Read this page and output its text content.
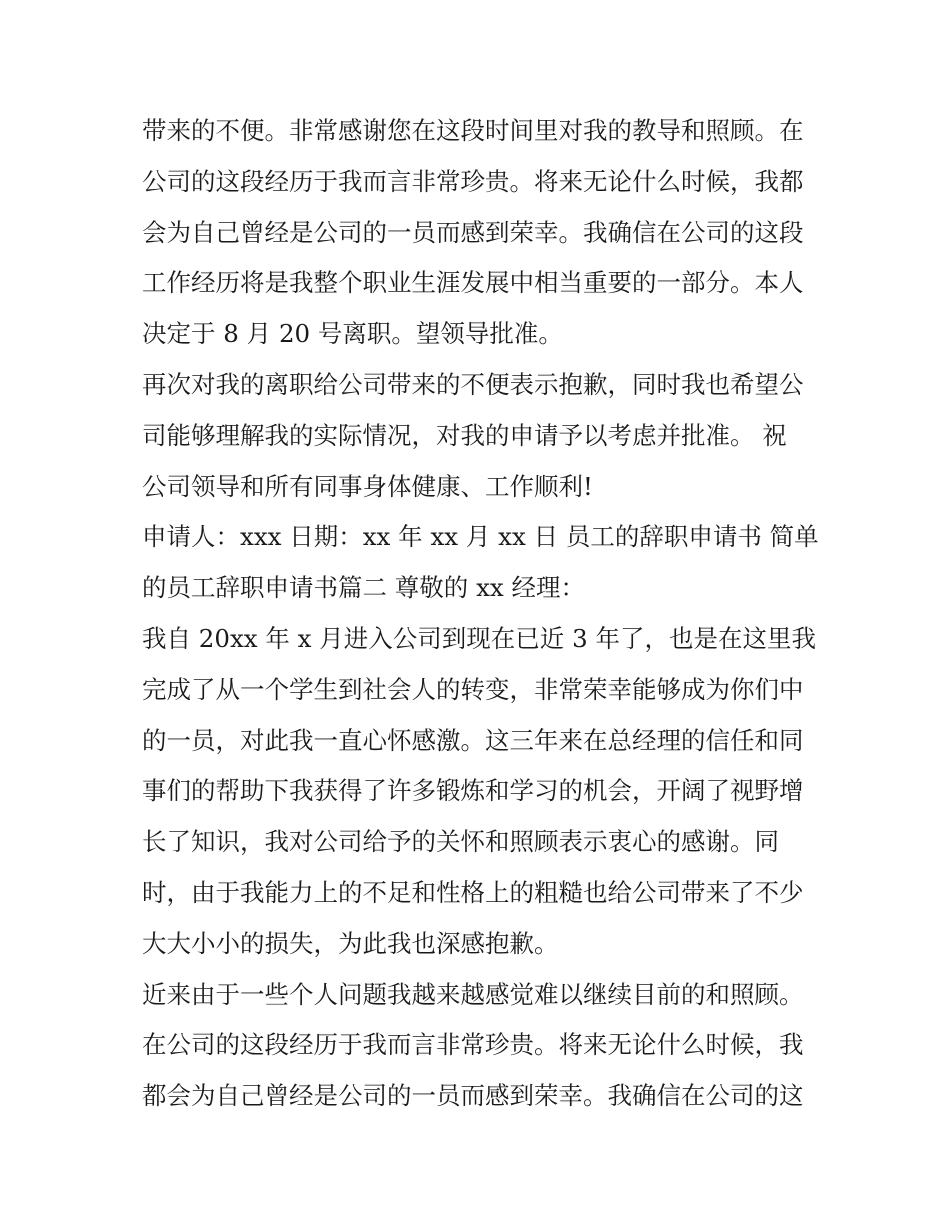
带来的不便。非常感谢您在这段时间里对我的教导和照顾。在
公司的这段经历于我而言非常珍贵。将来无论什么时候，我都
会为自己曾经是公司的一员而感到荣幸。我确信在公司的这段
工作经历将是我整个职业生涯发展中相当重要的一部分。本人
决定于 8 月 20 号离职。望领导批准。
再次对我的离职给公司带来的不便表示抱歉，同时我也希望公
司能够理解我的实际情况，对我的申请予以考虑并批准。 祝
公司领导和所有同事身体健康、工作顺利!
申请人：xxx 日期：xx 年 xx 月 xx 日 员工的辞职申请书 简单
的员工辞职申请书篇二 尊敬的 xx 经理：
我自 20xx 年 x 月进入公司到现在已近 3 年了，也是在这里我
完成了从一个学生到社会人的转变，非常荣幸能够成为你们中
的一员，对此我一直心怀感激。这三年来在总经理的信任和同
事们的帮助下我获得了许多锻炼和学习的机会，开阔了视野增
长了知识，我对公司给予的关怀和照顾表示衷心的感谢。同
时，由于我能力上的不足和性格上的粗糙也给公司带来了不少
大大小小的损失，为此我也深感抱歉。
近来由于一些个人问题我越来越感觉难以继续目前的和照顾。
在公司的这段经历于我而言非常珍贵。将来无论什么时候，我
都会为自己曾经是公司的一员而感到荣幸。我确信在公司的这
